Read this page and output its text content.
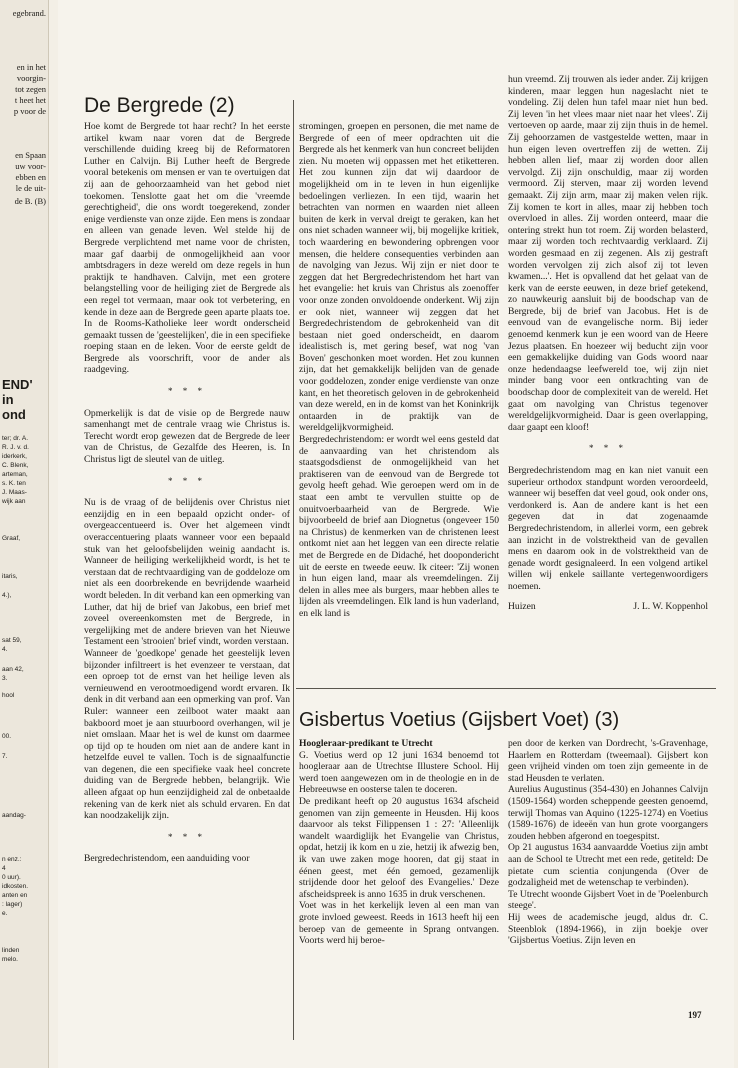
egebrand.
en in het
voorgin-
tot zegen
t heet het
p voor de
en Spaan
uw voor-
ebben en
le de uit-
de B. (B)
END'
in
ond
ter; dr. A.
R. J. v. d.
iderkerk,
C. Blenk,
arteman,
s. K. ten
J. Maas-
wijk aan
Graaf,
itaris,
4.),
sat 59,
4.
aan 42,
3.
hool
00.
7.
aandag-
n enz.:
4
0 uur).
idkosten.
anten en
: lager)
e.
linden
melo.
De Bergrede (2)

Hoe komt de Bergrede tot haar recht? In het eerste artikel kwam naar voren dat de Bergrede verschillende duiding kreeg bij de Reformatoren Luther en Calvijn. Bij Luther heeft de Bergrede vooral betekenis om mensen er van te overtuigen dat zij aan de gehoorzaamheid van het gebod niet toekomen. Tenslotte gaat het om die 'vreemde gerechtigheid', die ons wordt toegerekend, zonder enige verdienste van onze zijde. Een mens is zondaar en alleen van genade leven. Wel stelde hij de Bergrede verplichtend met name voor de christen, maar gaf daarbij de onmogelijkheid aan voor ambtsdragers in deze wereld om deze regels in hun praktijk te handhaven. Calvijn, met een grotere belangstelling voor de heiliging ziet de Bergrede als een regel tot vermaan, maar ook tot verbetering, en kende in deze aan de Bergrede geen aparte plaats toe. In de Rooms-Katholieke leer wordt onderscheid gemaakt tussen de 'geestelijken', die in een specifieke roeping staan en de leken. Voor de eerste geldt de Bergrede als voorschrift, voor de ander als raadgeving.

* * *

Opmerkelijk is dat de visie op de Bergrede nauw samenhangt met de centrale vraag wie Christus is. Terecht wordt erop gewezen dat de Bergrede de leer van de Christus, de Gezalfde des Heeren, is. In Christus ligt de sleutel van de uitleg.

* * *

Nu is de vraag of de belijdenis over Christus niet eenzijdig en in een bepaald opzicht onder- of overgeaccentueerd is. Over het algemeen vindt overaccentuering plaats wanneer voor een bepaald stuk van het geloofsbelijden weinig aandacht is. Wanneer de heiliging werkelijkheid wordt, is het te verstaan dat de rechtvaardiging van de goddeloze om niet als een doorbrekende en bevrijdende waarheid wordt beleden. In dit verband kan een opmerking van Luther, dat hij de brief van Jakobus, een brief met zoveel overeenkomsten met de Bergrede, in vergelijking met de andere brieven van het Nieuwe Testament een 'strooien' brief vindt, worden verstaan.

Wanneer de 'goedkope' genade het geestelijk leven bijzonder infiltreert is het evenzeer te verstaan, dat een oproep tot de ernst van het heilige leven als vernieuwend en verootmoedigend wordt ervaren. Ik denk in dit verband aan een opmerking van prof. Van Ruler: wanneer een zeilboot water maakt aan bakboord moet je aan stuurboord overhangen, wil je niet omslaan. Maar het is wel de kunst om daarmee op tijd op te houden om niet aan de andere kant in hetzelfde euvel te vallen. Toch is de signaalfunctie van degenen, die een specifieke vaak heel concrete duiding van de Bergrede hebben, belangrijk. Wie alleen afgaat op hun eenzijdigheid zal de onbetaalde rekening van de kerk niet als schuld ervaren. En dat kan noodzakelijk zijn.

* * *

Bergredechristendom, een aanduiding voor

stromingen, groepen en personen, die met name de Bergrede of een of meer opdrachten uit die Bergrede als het kenmerk van hun concreet belijden zien. Nu moeten wij oppassen met het etiketteren. Het zou kunnen zijn dat wij daardoor de mogelijkheid om in te leven in hun eigenlijke bedoelingen verliezen. In een tijd, waarin het betrachten van normen en waarden niet alleen buiten de kerk in verval dreigt te geraken, kan het ons niet schaden wanneer wij, bij mogelijke kritiek, toch waardering en bewondering opbrengen voor mensen, die heldere consequenties verbinden aan de navolging van Jezus. Wij zijn er niet door te zeggen dat het Bergredechristendom het hart van het evangelie: het kruis van Christus als zoenoffer voor onze zonden onvoldoende onderkent. Wij zijn er ook niet, wanneer wij zeggen dat het Bergredechristendom de gebrokenheid van dit bestaan niet goed onderscheidt, en daarom idealistisch is, met gering besef, wat nog 'van Boven' geschonken moet worden. Het zou kunnen zijn, dat het gemakkelijk belijden van de genade voor goddelozen, zonder enige verdienste van onze kant, en het theoretisch geloven in de gebrokenheid van deze wereld, en in de komst van het Koninkrijk ontaarden in de praktijk van de wereldgelijkvormigheid.

Bergredechristendom: er wordt wel eens gesteld dat de aanvaarding van het christendom als staatsgodsdienst de onmogelijkheid van het praktiseren van de eenvoud van de Bergrede tot gevolg heeft gehad. Wie geroepen werd om in de staat een ambt te vervullen stuitte op de onuitvoerbaarheid van de Bergrede. Wie bijvoorbeeld de brief aan Diognetus (ongeveer 150 na Christus) de kenmerken van de christenen leest ontkomt niet aan het leggen van een directe relatie met de Bergrede en de Didaché, het doopondericht uit de eerste en tweede eeuw. Ik citeer: 'Zij wonen in hun eigen land, maar als vreemdelingen. Zij delen in alles mee als burgers, maar hebben alles te lijden als vreemdelingen. Elk land is hun vaderland, en elk land is

hun vreemd. Zij trouwen als ieder ander. Zij krijgen kinderen, maar leggen hun nageslacht niet te vondeling. Zij delen hun tafel maar niet hun bed. Zij leven 'in het vlees maar niet naar het vlees'. Zij vertoeven op aarde, maar zij zijn thuis in de hemel. Zij gehoorzamen de vastgestelde wetten, maar in hun eigen leven overtreffen zij de wetten. Zij hebben allen lief, maar zij worden door allen vervolgd. Zij zijn onschuldig, maar zij worden vermoord. Zij sterven, maar zij worden levend gemaakt. Zij zijn arm, maar zij maken velen rijk. Zij komen te kort in alles, maar zij hebben toch overvloed in alles. Zij worden onteerd, maar die ontering strekt hun tot roem. Zij worden belasterd, maar zij worden toch rechtvaardig verklaard. Zij worden gesmaad en zij zegenen. Als zij gestraft worden vervolgen zij zich alsof zij tot leven kwamen...'. Het is opvallend dat het gelaat van de kerk van de eerste eeuwen, in deze brief getekend, zo nauwkeurig aansluit bij de boodschap van de Bergrede, bij de brief van Jacobus. Het is de eenvoud van de evangelische norm. Bij ieder genoemd kenmerk kun je een woord van de Heere Jezus plaatsen. En hoezeer wij beducht zijn voor een gemakkelijke duiding van Gods woord naar onze hedendaagse leefwereld toe, wij zijn niet minder bang voor een ontkrachting van de boodschap door de complexiteit van de wereld. Het gaat om navolging van Christus tegenover wereldgelijkvormigheid. Daar is geen overlapping, daar gaapt een kloof!

* * *

Bergredechristendom mag en kan niet vanuit een superieur orthodox standpunt worden veroordeeld, wanneer wij beseffen dat veel goud, ook onder ons, verdonkerd is. Aan de andere kant is het een gegeven dat in dat zogenaamde Bergredechristendom, in allerlei vorm, een gebrek aan inzicht in de volstrektheid van de gevallen mens en daarom ook in de volstrektheid van de genade wordt gesignaleerd. In een volgend artikel willen wij enkele saillante vertegenwoordigers noemen.

Huizen	J. L. W. Koppenhol

Gisbertus Voetius (Gijsbert Voet) (3)

Hoogleraar-predikant te Utrecht

G. Voetius werd op 12 juni 1634 benoemd tot hoogleraar aan de Utrechtse Illustere School. Hij werd toen aangewezen om in de theologie en in de Hebreeuwse en oosterse talen te doceren.

De predikant heeft op 20 augustus 1634 afscheid genomen van zijn gemeente in Heusden. Hij koos daarvoor als tekst Filippensen 1 : 27: 'Alleenlijk wandelt waardiglijk het Evangelie van Christus, opdat, hetzij ik kom en u zie, hetzij ik afwezig ben, ik van uwe zaken moge hooren, dat gij staat in éénen geest, met één gemoed, gezamenlijk strijdende door het geloof des Evangelies.' Deze afscheidspreek is anno 1635 in druk verschenen.

Voet was in het kerkelijk leven al een man van grote invloed geweest. Reeds in 1613 heeft hij een beroep van de gemeente in Sprang ontvangen. Voorts werd hij beroe-

pen door de kerken van Dordrecht, 's-Gravenhage, Haarlem en Rotterdam (tweemaal). Gijsbert kon geen vrijheid vinden om toen zijn gemeente in de stad Heusden te verlaten.

Aurelius Augustinus (354-430) en Johannes Calvijn (1509-1564) worden scheppende geesten genoemd, terwijl Thomas van Aquino (1225-1274) en Voetius (1589-1676) de ideeën van hun grote voorgangers zouden hebben afgerond en toegespitst.

Op 21 augustus 1634 aanvaardde Voetius zijn ambt aan de School te Utrecht met een rede, getiteld: De pietate cum scientia conjungenda (Over de godzaligheid met de wetenschap te verbinden).

Te Utrecht woonde Gijsbert Voet in de 'Poelenburch steege'.

Hij wees de academische jeugd, aldus dr. C. Steenblok (1894-1966), in zijn boekje over 'Gijsbertus Voetius. Zijn leven en

197
